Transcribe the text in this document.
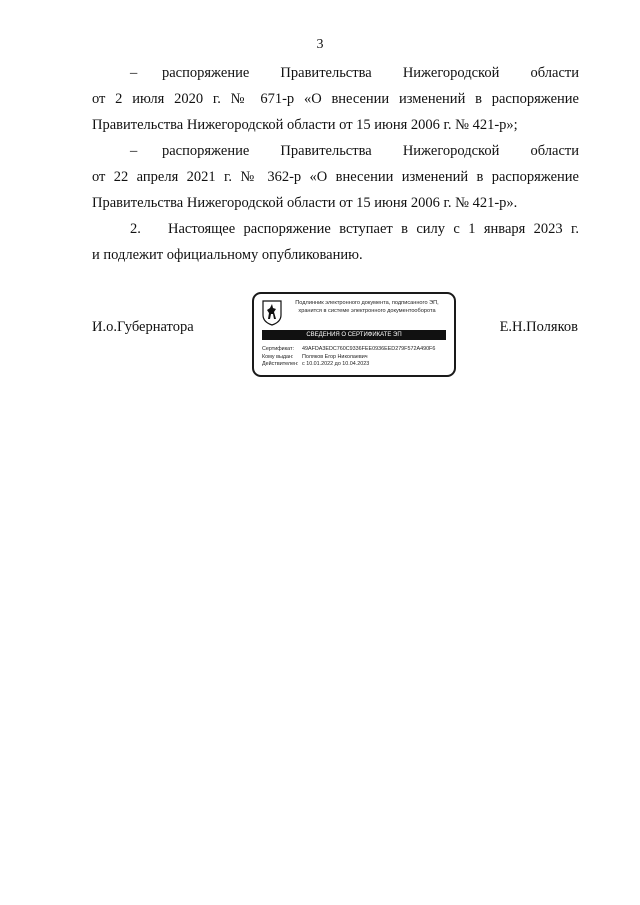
3
– распоряжение Правительства Нижегородской области
от 2 июля 2020 г. № 671-р «О внесении изменений в распоряжение
Правительства Нижегородской области от 15 июня 2006 г. № 421-р»;
– распоряжение Правительства Нижегородской области
от 22 апреля 2021 г. № 362-р «О внесении изменений в распоряжение
Правительства Нижегородской области от 15 июня 2006 г. № 421-р».
2. Настоящее распоряжение вступает в силу с 1 января 2023 г.
и подлежит официальному опубликованию.
И.о.Губернатора	Е.Н.Поляков
Подлинник электронного документа, подписанного ЭП,
хранится в системе электронного документооборота
СВЕДЕНИЯ О СЕРТИФИКАТЕ ЭП
Сертификат: 49AFDA3EDC760C9336FEE0936EED279F572A490F6
Кому выдан: Поляков Егор Николаевич
Действителен: с 10.01.2022 до 10.04.2023
